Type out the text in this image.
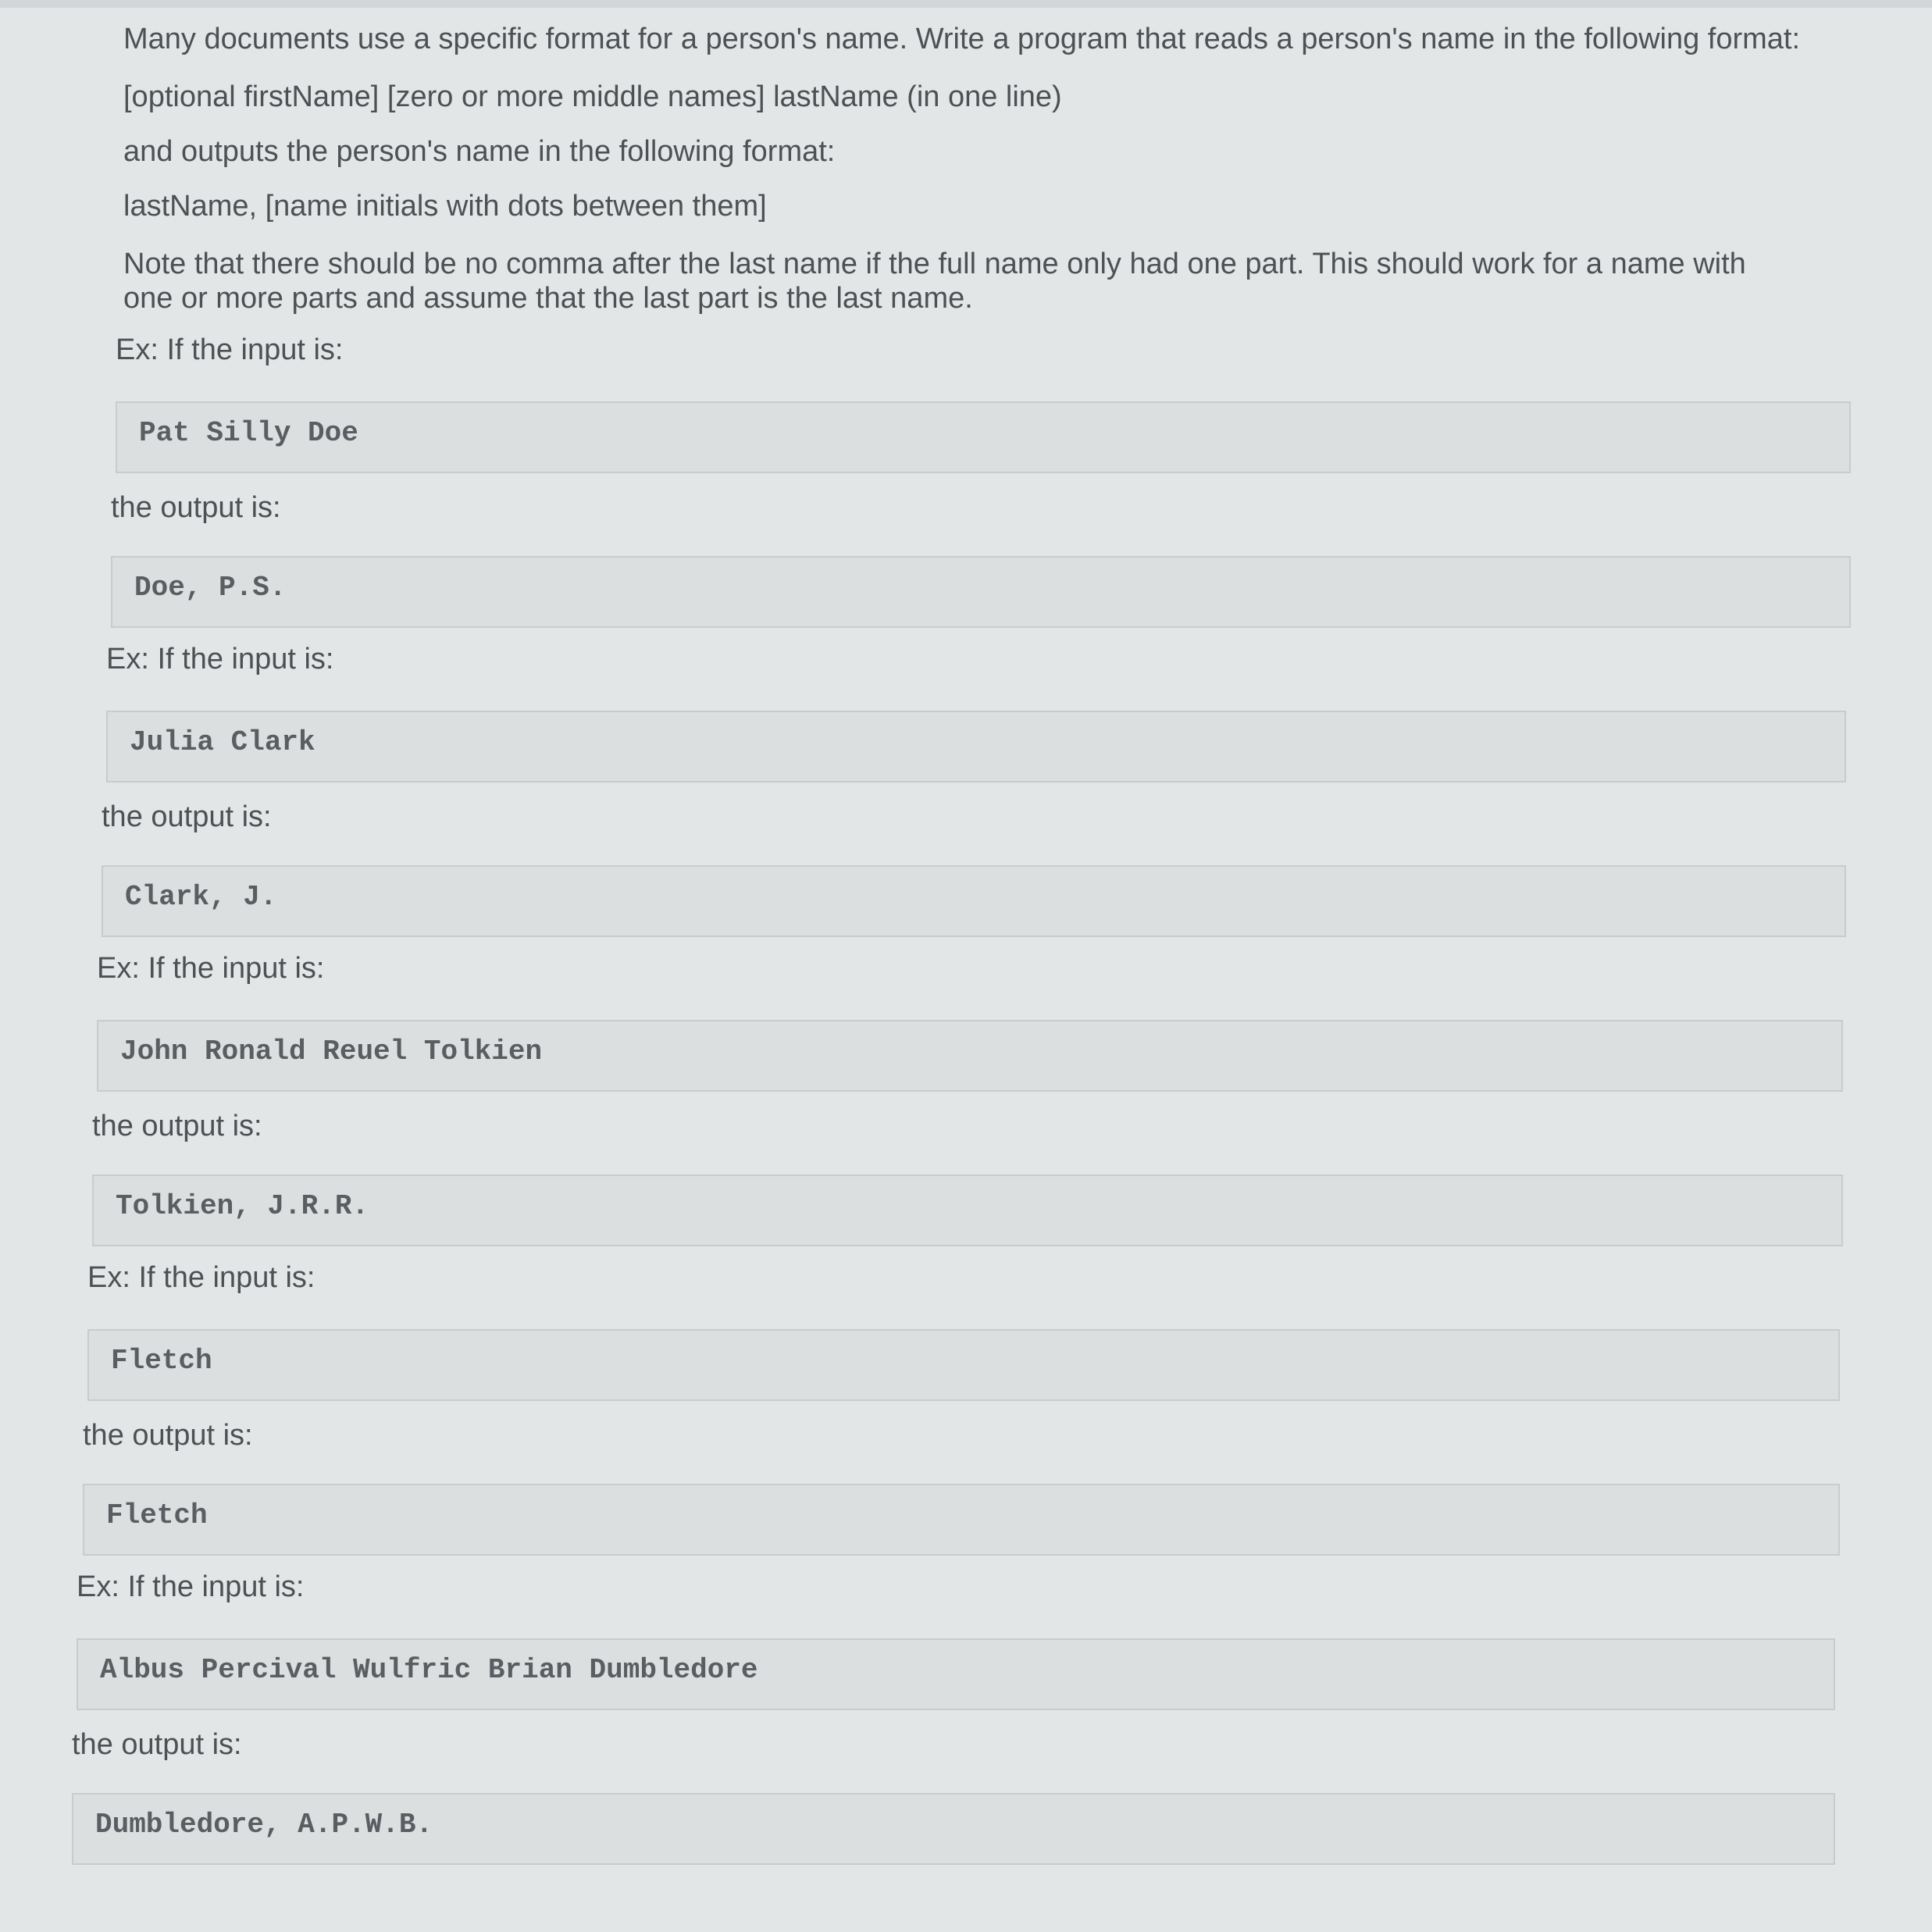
Many documents use a specific format for a person's name. Write a program that reads a person's name in the following format:

[optional firstName] [zero or more middle names] lastName (in one line)

and outputs the person's name in the following format:

lastName, [name initials with dots between them]

Note that there should be no comma after the last name if the full name only had one part. This should work for a name with one or more parts and assume that the last part is the last name.

Ex: If the input is:

Pat Silly Doe

the output is:

Doe, P.S.

Ex: If the input is:

Julia Clark

the output is:

Clark, J.

Ex: If the input is:

John Ronald Reuel Tolkien

the output is:

Tolkien, J.R.R.

Ex: If the input is:

Fletch

the output is:

Fletch

Ex: If the input is:

Albus Percival Wulfric Brian Dumbledore

the output is:

Dumbledore, A.P.W.B.
